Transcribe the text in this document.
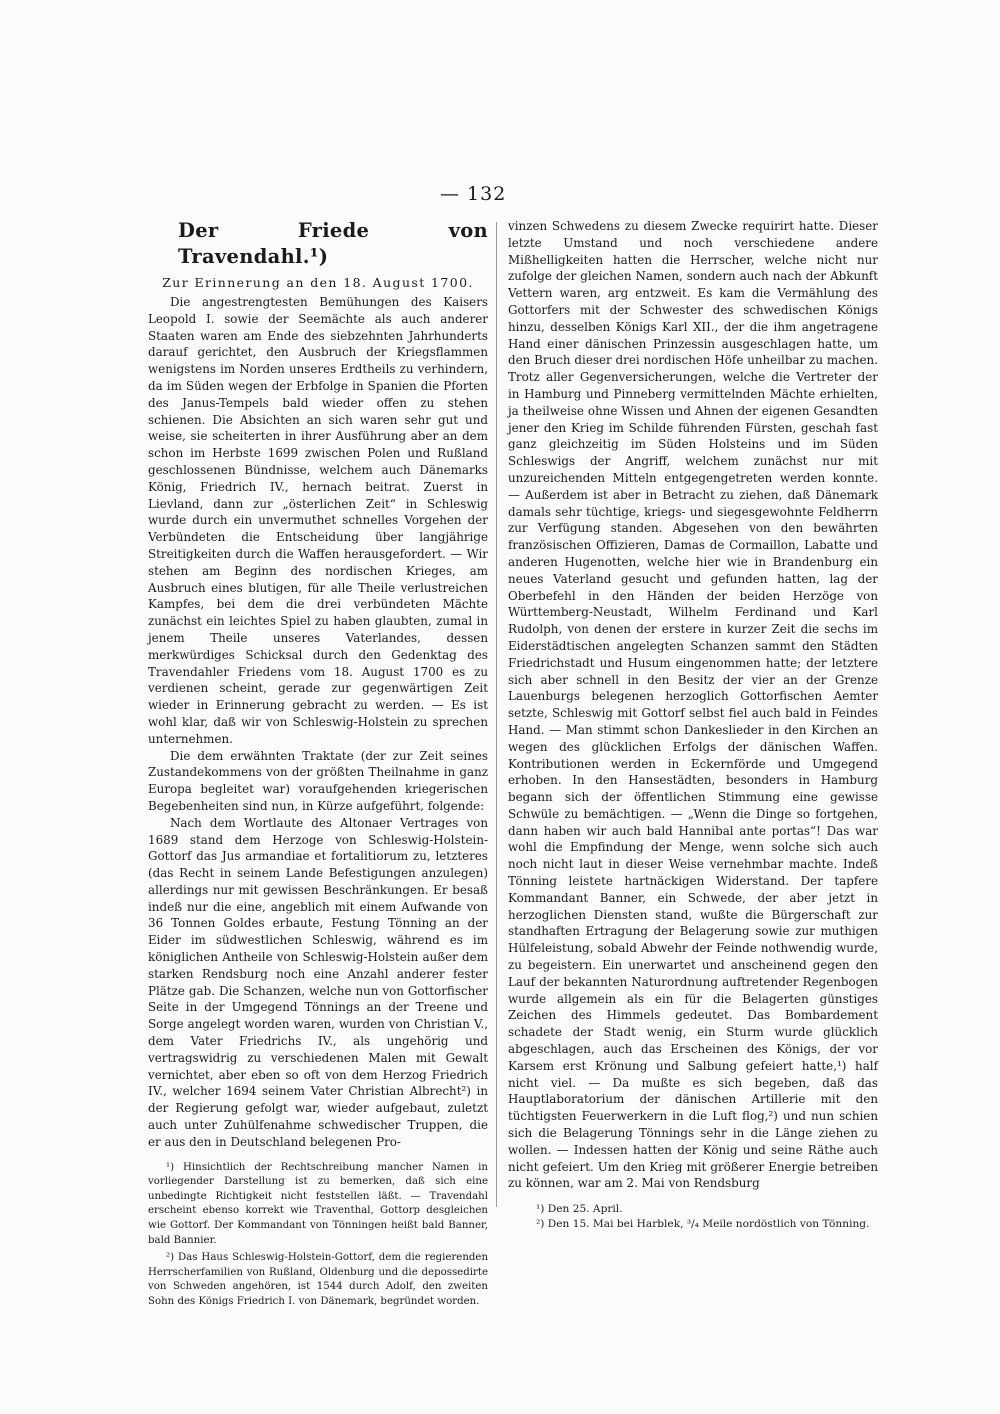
— 132
Der Friede von Travendahl.¹)
Zur Erinnerung an den 18. August 1700.

Die angestrengtesten Bemühungen des Kaisers Leopold I. sowie der Seemächte als auch anderer Staaten waren am Ende des siebzehnten Jahrhunderts darauf gerichtet, den Ausbruch der Kriegsflammen wenigstens im Norden unseres Erdtheils zu verhindern, da im Süden wegen der Erbfolge in Spanien die Pforten des Janus-Tempels bald wieder offen zu stehen schienen. Die Absichten an sich waren sehr gut und weise, sie scheiterten in ihrer Ausführung aber an dem schon im Herbste 1699 zwischen Polen und Rußland geschlossenen Bündnisse, welchem auch Dänemarks König, Friedrich IV., hernach beitrat. Zuerst in Lievland, dann zur „österlichen Zeit“ in Schleswig wurde durch ein unvermuthet schnelles Vorgehen der Verbündeten die Entscheidung über langjährige Streitigkeiten durch die Waffen herausgefordert. — Wir stehen am Beginn des nordischen Krieges, am Ausbruch eines blutigen, für alle Theile verlustreichen Kampfes, bei dem die drei verbündeten Mächte zunächst ein leichtes Spiel zu haben glaubten, zumal in jenem Theile unseres Vaterlandes, dessen merkwürdiges Schicksal durch den Gedenktag des Travendahler Friedens vom 18. August 1700 es zu verdienen scheint, gerade zur gegenwärtigen Zeit wieder in Erinnerung gebracht zu werden. — Es ist wohl klar, daß wir von Schleswig-Holstein zu sprechen unternehmen.

Die dem erwähnten Traktate (der zur Zeit seines Zustandekommens von der größten Theilnahme in ganz Europa begleitet war) voraufgehenden kriegerischen Begebenheiten sind nun, in Kürze aufgeführt, folgende:

Nach dem Wortlaute des Altonaer Vertrages von 1689 stand dem Herzoge von Schleswig-Holstein-Gottorf das Jus armandiae et fortalitiorum zu, letzteres (das Recht in seinem Lande Befestigungen anzulegen) allerdings nur mit gewissen Beschränkungen. Er besaß indeß nur die eine, angeblich mit einem Aufwande von 36 Tonnen Goldes erbaute, Festung Tönning an der Eider im südwestlichen Schleswig, während es im königlichen Antheile von Schleswig-Holstein außer dem starken Rendsburg noch eine Anzahl anderer fester Plätze gab. Die Schanzen, welche nun von Gottorfischer Seite in der Umgegend Tönnings an der Treene und Sorge angelegt worden waren, wurden von Christian V., dem Vater Friedrichs IV., als ungehörig und vertragswidrig zu verschiedenen Malen mit Gewalt vernichtet, aber eben so oft von dem Herzog Friedrich IV., welcher 1694 seinem Vater Christian Albrecht²) in der Regierung gefolgt war, wieder aufgebaut, zuletzt auch unter Zuhülfenahme schwedischer Truppen, die er aus den in Deutschland belegenen Pro-

¹) Hinsichtlich der Rechtschreibung mancher Namen in vorliegender Darstellung ist zu bemerken, daß sich eine unbedingte Richtigkeit nicht feststellen läßt. — Travendahl erscheint ebenso korrekt wie Traventhal, Gottorp desgleichen wie Gottorf. Der Kommandant von Tönningen heißt bald Banner, bald Bannier.

²) Das Haus Schleswig-Holstein-Gottorf, dem die regierenden Herrscherfamilien von Rußland, Oldenburg und die depossedirte von Schweden angehören, ist 1544 durch Adolf, den zweiten Sohn des Königs Friedrich I. von Dänemark, begründet worden.

vinzen Schwedens zu diesem Zwecke requirirt hatte. Dieser letzte Umstand und noch verschiedene andere Mißhelligkeiten hatten die Herrscher, welche nicht nur zufolge der gleichen Namen, sondern auch nach der Abkunft Vettern waren, arg entzweit. Es kam die Vermählung des Gottorfers mit der Schwester des schwedischen Königs hinzu, desselben Königs Karl XII., der die ihm angetragene Hand einer dänischen Prinzessin ausgeschlagen hatte, um den Bruch dieser drei nordischen Höfe unheilbar zu machen. Trotz aller Gegenversicherungen, welche die Vertreter der in Hamburg und Pinneberg vermittelnden Mächte erhielten, ja theilweise ohne Wissen und Ahnen der eigenen Gesandten jener den Krieg im Schilde führenden Fürsten, geschah fast ganz gleichzeitig im Süden Holsteins und im Süden Schleswigs der Angriff, welchem zunächst nur mit unzureichenden Mitteln entgegengetreten werden konnte. — Außerdem ist aber in Betracht zu ziehen, daß Dänemark damals sehr tüchtige, kriegs- und siegesgewohnte Feldherrn zur Verfügung standen. Abgesehen von den bewährten französischen Offizieren, Damas de Cormaillon, Labatte und anderen Hugenotten, welche hier wie in Brandenburg ein neues Vaterland gesucht und gefunden hatten, lag der Oberbefehl in den Händen der beiden Herzöge von Württemberg-Neustadt, Wilhelm Ferdinand und Karl Rudolph, von denen der erstere in kurzer Zeit die sechs im Eiderstädtischen angelegten Schanzen sammt den Städten Friedrichstadt und Husum eingenommen hatte; der letztere sich aber schnell in den Besitz der vier an der Grenze Lauenburgs belegenen herzoglich Gottorfischen Aemter setzte, Schleswig mit Gottorf selbst fiel auch bald in Feindes Hand. — Man stimmt schon Dankeslieder in den Kirchen an wegen des glücklichen Erfolgs der dänischen Waffen. Kontributionen werden in Eckernförde und Umgegend erhoben. In den Hansestädten, besonders in Hamburg begann sich der öffentlichen Stimmung eine gewisse Schwüle zu bemächtigen. — „Wenn die Dinge so fortgehen, dann haben wir auch bald Hannibal ante portas“! Das war wohl die Empfindung der Menge, wenn solche sich auch noch nicht laut in dieser Weise vernehmbar machte. Indeß Tönning leistete hartnäckigen Widerstand. Der tapfere Kommandant Banner, ein Schwede, der aber jetzt in herzoglichen Diensten stand, wußte die Bürgerschaft zur standhaften Ertragung der Belagerung sowie zur muthigen Hülfeleistung, sobald Abwehr der Feinde nothwendig wurde, zu begeistern. Ein unerwartet und anscheinend gegen den Lauf der bekannten Naturordnung auftretender Regenbogen wurde allgemein als ein für die Belagerten günstiges Zeichen des Himmels gedeutet. Das Bombardement schadete der Stadt wenig, ein Sturm wurde glücklich abgeschlagen, auch das Erscheinen des Königs, der vor Karsem erst Krönung und Salbung gefeiert hatte,¹) half nicht viel. — Da mußte es sich begeben, daß das Hauptlaboratorium der dänischen Artillerie mit den tüchtigsten Feuerwerkern in die Luft flog,²) und nun schien sich die Belagerung Tönnings sehr in die Länge ziehen zu wollen. — Indessen hatten der König und seine Räthe auch nicht gefeiert. Um den Krieg mit größerer Energie betreiben zu können, war am 2. Mai von Rendsburg

¹) Den 25. April.

²) Den 15. Mai bei Harblek, ³/₄ Meile nordöstlich von Tönning.
